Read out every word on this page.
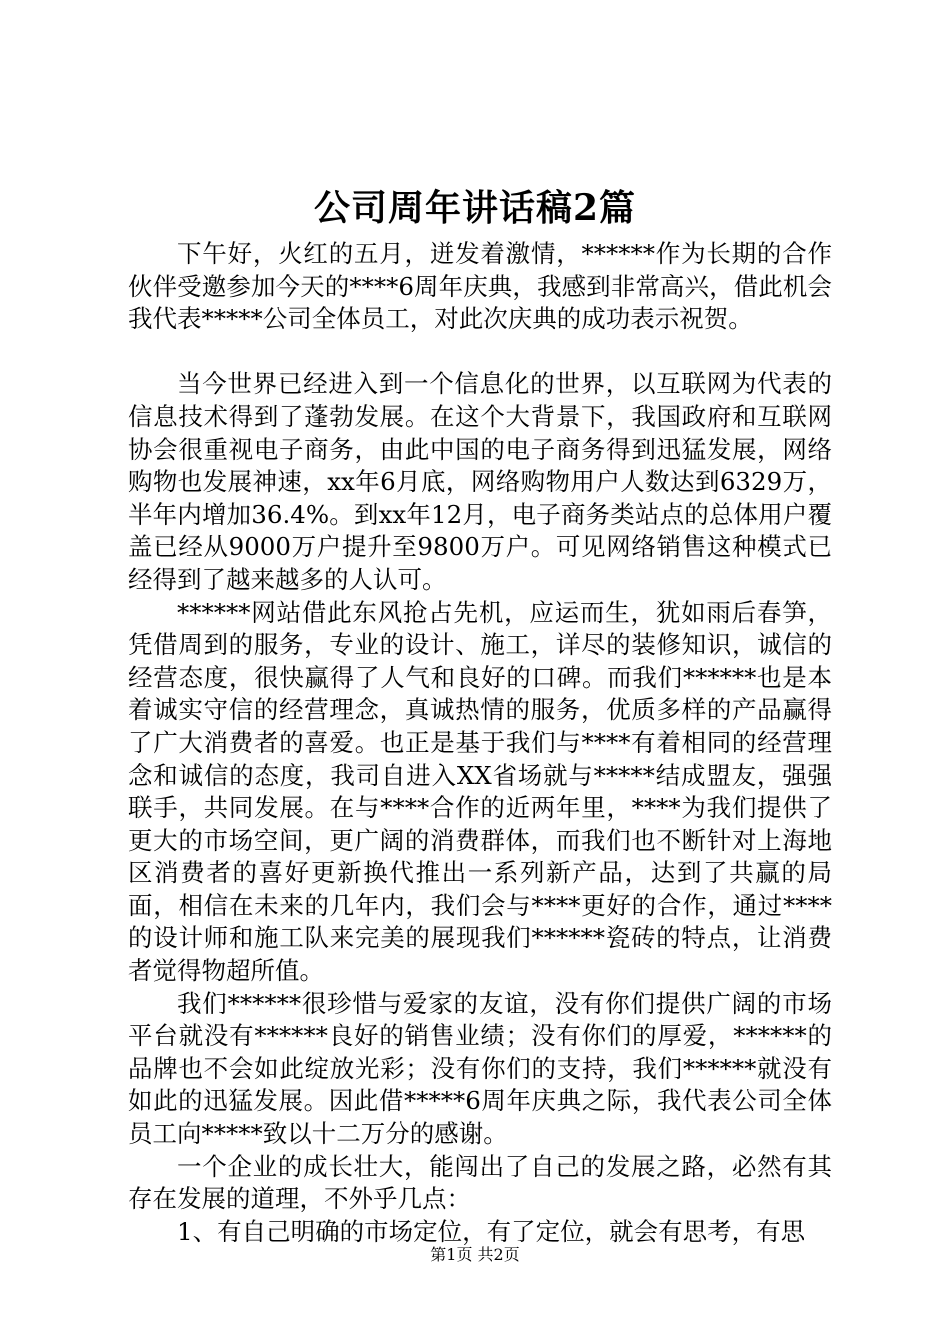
公司周年讲话稿2篇

下午好，火红的五月，迸发着激情，******作为长期的合作伙伴受邀参加今天的****6周年庆典，我感到非常高兴，借此机会我代表*****公司全体员工，对此次庆典的成功表示祝贺。

当今世界已经进入到一个信息化的世界，以互联网为代表的信息技术得到了蓬勃发展。在这个大背景下，我国政府和互联网协会很重视电子商务，由此中国的电子商务得到迅猛发展，网络购物也发展神速，xx年6月底，网络购物用户人数达到6329万，半年内增加36.4%。到xx年12月，电子商务类站点的总体用户覆盖已经从9000万户提升至9800万户。可见网络销售这种模式已经得到了越来越多的人认可。

******网站借此东风抢占先机，应运而生，犹如雨后春笋，凭借周到的服务，专业的设计、施工，详尽的装修知识，诚信的经营态度，很快赢得了人气和良好的口碑。而我们******也是本着诚实守信的经营理念，真诚热情的服务，优质多样的产品赢得了广大消费者的喜爱。也正是基于我们与****有着相同的经营理念和诚信的态度，我司自进入XX省场就与*****结成盟友，强强联手，共同发展。在与****合作的近两年里，****为我们提供了更大的市场空间，更广阔的消费群体，而我们也不断针对上海地区消费者的喜好更新换代推出一系列新产品，达到了共赢的局面，相信在未来的几年内，我们会与****更好的合作，通过****的设计师和施工队来完美的展现我们******瓷砖的特点，让消费者觉得物超所值。

我们******很珍惜与爱家的友谊，没有你们提供广阔的市场平台就没有******良好的销售业绩；没有你们的厚爱，******的品牌也不会如此绽放光彩；没有你们的支持，我们******就没有如此的迅猛发展。因此借*****6周年庆典之际，我代表公司全体员工向*****致以十二万分的感谢。

一个企业的成长壮大，能闯出了自己的发展之路，必然有其存在发展的道理，不外乎几点：

1、有自己明确的市场定位，有了定位，就会有思考，有思

第1页 共2页
